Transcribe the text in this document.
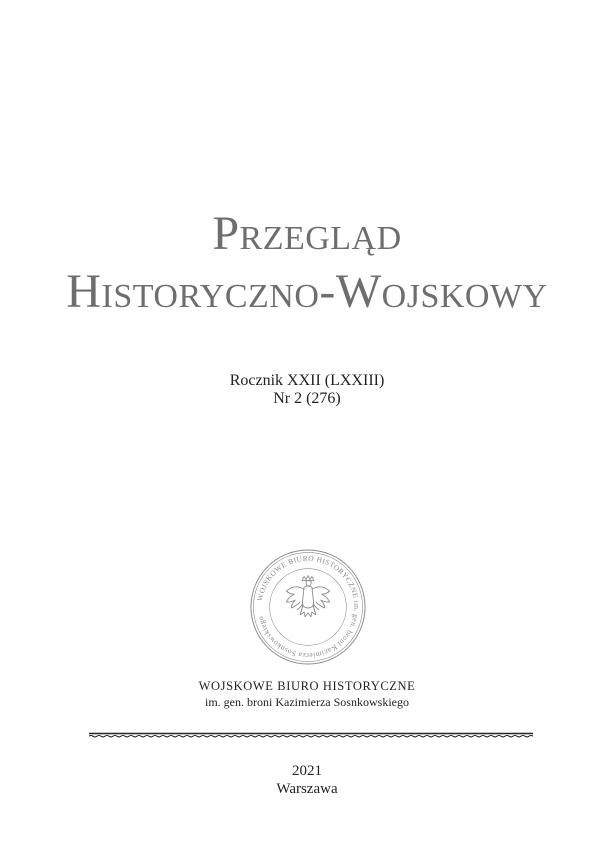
Przegląd
Historyczno-Wojskowy
Rocznik XXII (LXXIII)
Nr 2 (276)
WOJSKOWE BIURO HISTORYCZNE im. gen. broni Kazimierza Sosnkowskiego
WOJSKOWE BIURO HISTORYCZNE
im. gen. broni Kazimierza Sosnkowskiego
2021
Warszawa
